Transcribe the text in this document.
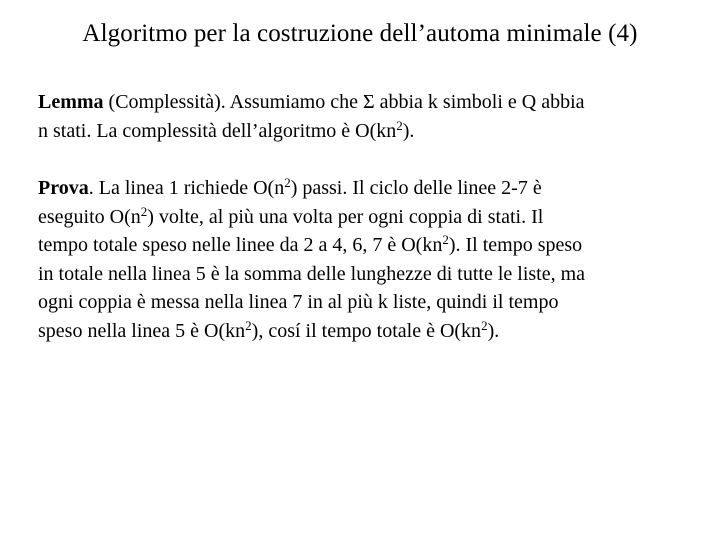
Algoritmo per la costruzione dell’automa minimale (4)
Lemma (Complessità). Assumiamo che Σ abbia k simboli e Q abbia
n stati. La complessità dell’algoritmo è $O(kn^2)$.
Prova. La linea 1 richiede $O(n^2)$ passi. Il ciclo delle linee 2-7 è
eseguito $O(n^2)$ volte, al più una volta per ogni coppia di stati. Il
tempo totale speso nelle linee da 2 a 4, 6, 7 è $O(kn^2)$. Il tempo speso
in totale nella linea 5 è la somma delle lunghezze di tutte le liste, ma
ogni coppia è messa nella linea 7 in al più k liste, quindi il tempo
speso nella linea 5 è $O(kn^2)$, cosí il tempo totale è $O(kn^2)$.
